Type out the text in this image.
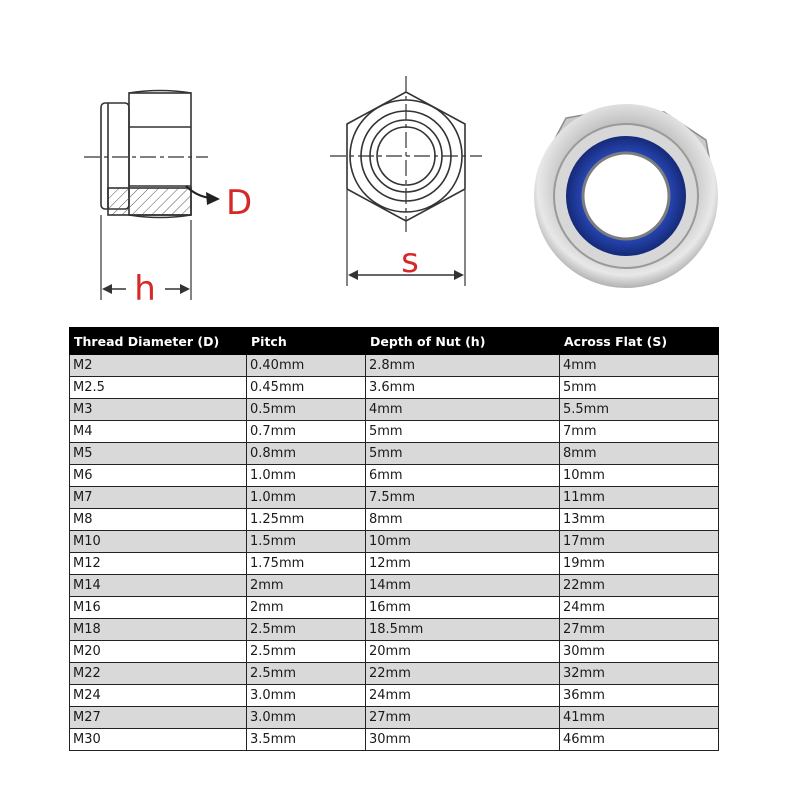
h
D
s
Thread Diameter (D)	Pitch	Depth of Nut (h)	Across Flat (S)
M2	0.40mm	2.8mm	4mm
M2.5	0.45mm	3.6mm	5mm
M3	0.5mm	4mm	5.5mm
M4	0.7mm	5mm	7mm
M5	0.8mm	5mm	8mm
M6	1.0mm	6mm	10mm
M7	1.0mm	7.5mm	11mm
M8	1.25mm	8mm	13mm
M10	1.5mm	10mm	17mm
M12	1.75mm	12mm	19mm
M14	2mm	14mm	22mm
M16	2mm	16mm	24mm
M18	2.5mm	18.5mm	27mm
M20	2.5mm	20mm	30mm
M22	2.5mm	22mm	32mm
M24	3.0mm	24mm	36mm
M27	3.0mm	27mm	41mm
M30	3.5mm	30mm	46mm
